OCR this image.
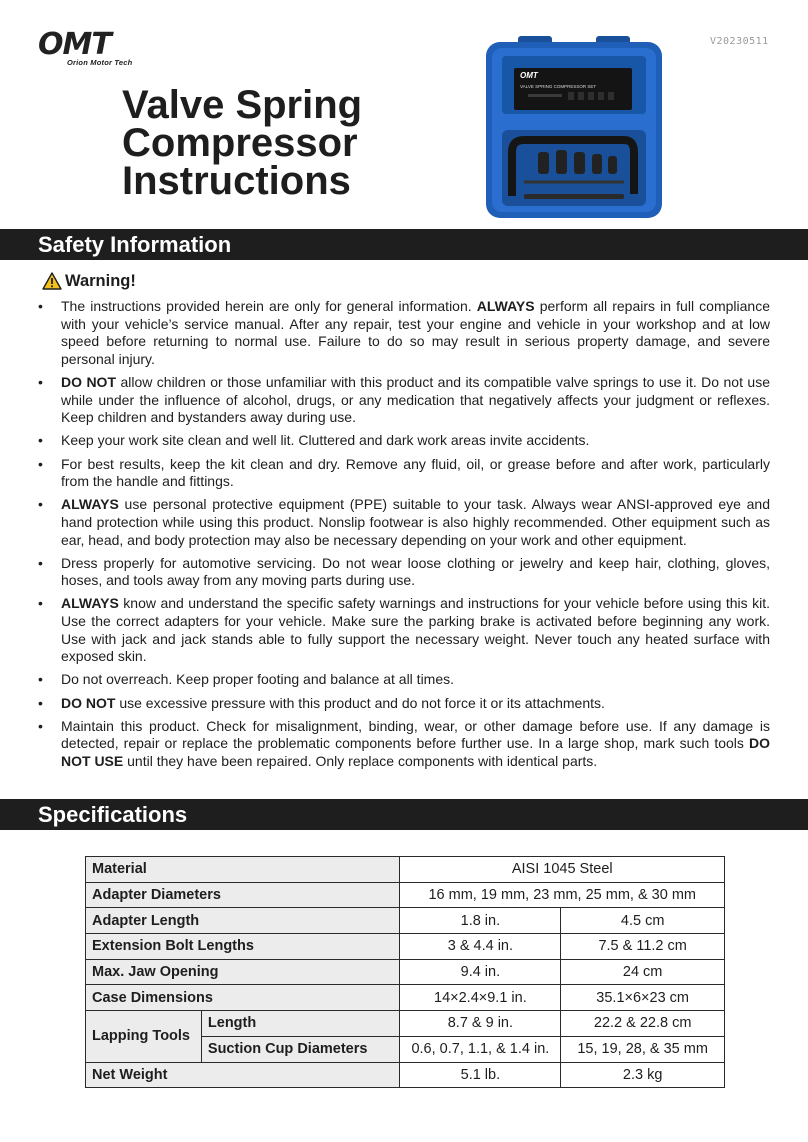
OMT
Orion Motor Tech
V20230511
Valve Spring
Compressor
Instructions
OMT
VALVE SPRING COMPRESSOR SET
Safety Information
Warning!
• The instructions provided herein are only for general information. ALWAYS perform all repairs in full compliance with your vehicle’s service manual. After any repair, test your engine and vehicle in your workshop and at low speed before returning to normal use. Failure to do so may result in serious property damage, and severe personal injury.
• DO NOT allow children or those unfamiliar with this product and its compatible valve springs to use it. Do not use while under the influence of alcohol, drugs, or any medication that negatively affects your judgment or reflexes. Keep children and bystanders away during use.
• Keep your work site clean and well lit. Cluttered and dark work areas invite accidents.
• For best results, keep the kit clean and dry. Remove any fluid, oil, or grease before and after work, particularly from the handle and fittings.
• ALWAYS use personal protective equipment (PPE) suitable to your task. Always wear ANSI-approved eye and hand protection while using this product. Nonslip footwear is also highly recommended. Other equipment such as ear, head, and body protection may also be necessary depending on your work and other equipment.
• Dress properly for automotive servicing. Do not wear loose clothing or jewelry and keep hair, clothing, gloves, hoses, and tools away from any moving parts during use.
• ALWAYS know and understand the specific safety warnings and instructions for your vehicle before using this kit. Use the correct adapters for your vehicle. Make sure the parking brake is activated before beginning any work. Use with jack and jack stands able to fully support the necessary weight. Never touch any heated surface with exposed skin.
• Do not overreach. Keep proper footing and balance at all times.
• DO NOT use excessive pressure with this product and do not force it or its attachments.
• Maintain this product. Check for misalignment, binding, wear, or other damage before use. If any damage is detected, repair or replace the problematic components before further use. In a large shop, mark such tools DO NOT USE until they have been repaired. Only replace components with identical parts.
Specifications
Material		AISI 1045 Steel	
Adapter Diameters		16 mm, 19 mm, 23 mm, 25 mm, & 30 mm	
Adapter Length		1.8 in.	4.5 cm
Extension Bolt Lengths		3 & 4.4 in.	7.5 & 11.2 cm
Max. Jaw Opening		9.4 in.	24 cm
Case Dimensions		14×2.4×9.1 in.	35.1×6×23 cm
Lapping Tools	Length	8.7 & 9 in.	22.2 & 22.8 cm
	Suction Cup Diameters	0.6, 0.7, 1.1, & 1.4 in.	15, 19, 28, & 35 mm
Net Weight		5.1 lb.	2.3 kg
